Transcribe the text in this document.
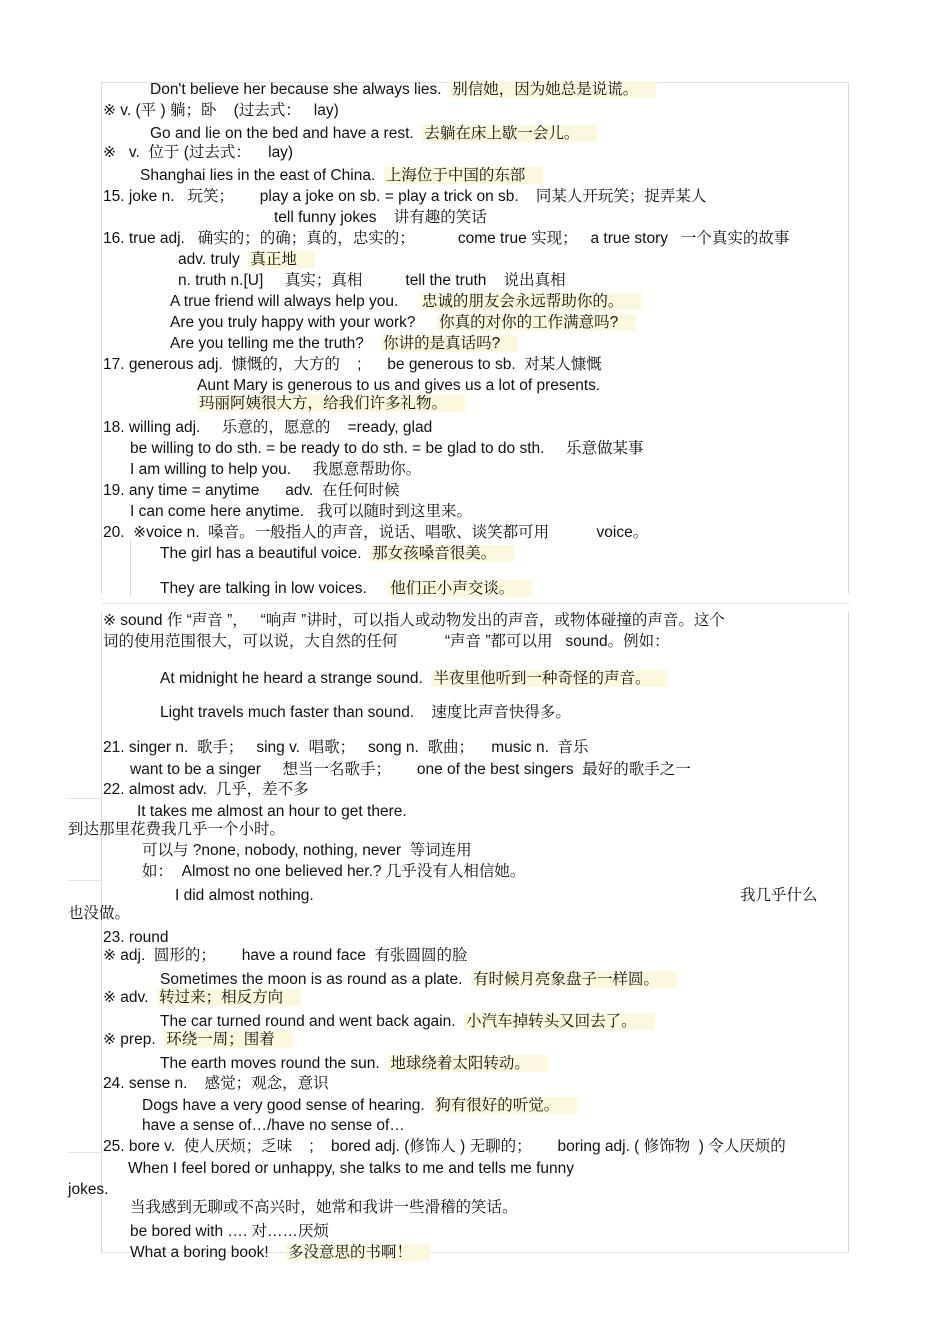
Don't believe her because she always lies.  别信她，因为她总是说谎。
※ v. (平 ) 躺；卧    (过去式：   lay)
Go and lie on the bed and have a rest.  去躺在床上歇一会儿。
※   v.  位于 (过去式：    lay)
Shanghai lies in the east of China.  上海位于中国的东部
15. joke n.   玩笑；      play a joke on sb. = play a trick on sb.    同某人开玩笑；捉弄某人
tell funny jokes    讲有趣的笑话
16. true adj.   确实的；的确；真的，忠实的；          come true 实现；   a true story   一个真实的故事
adv. truly  真正地
n. truth n.[U]     真实；真相          tell the truth    说出真相
A true friend will always help you.     忠诚的朋友会永远帮助你的。
Are you truly happy with your work?     你真的对你的工作满意吗?
Are you telling me the truth?    你讲的是真话吗?
17. generous adj.  慷慨的，大方的    ;      be generous to sb.  对某人慷慨
Aunt Mary is generous to us and gives us a lot of presents.
玛丽阿姨很大方，给我们许多礼物。
18. willing adj.     乐意的，愿意的    =ready, glad
be willing to do sth. = be ready to do sth. = be glad to do sth.     乐意做某事
I am willing to help you.     我愿意帮助你。
19. any time = anytime      adv.  在任何时候
I can come here anytime.   我可以随时到这里来。
20.  ※voice n.  嗓音。一般指人的声音，说话、唱歌、谈笑都可用           voice。
The girl has a beautiful voice.  那女孩嗓音很美。
They are talking in low voices.     他们正小声交谈。
※ sound 作 “声音 ”，   “响声 ”讲时，可以指人或动物发出的声音，或物体碰撞的声音。这个
词的使用范围很大，可以说，大自然的任何           “声音 ”都可以用   sound。例如：
At midnight he heard a strange sound.  半夜里他听到一种奇怪的声音。
Light travels much faster than sound.    速度比声音快得多。
21. singer n.  歌手；   sing v.  唱歌；   song n.  歌曲；    music n.  音乐
want to be a singer     想当一名歌手；      one of the best singers  最好的歌手之一
22. almost adv.  几乎，差不多
It takes me almost an hour to get there.
到达那里花费我几乎一个小时。
可以与 ?none, nobody, nothing, never  等词连用
如：  Almost no one believed her.? 几乎没有人相信她。
I did almost nothing.	我几乎什么
也没做。
23. round
※ adj.  圆形的；      have a round face  有张圆圆的脸
Sometimes the moon is as round as a plate.  有时候月亮象盘子一样圆。
※ adv.  转过来；相反方向
The car turned round and went back again.  小汽车掉转头又回去了。
※ prep.  环绕一周；围着
The earth moves round the sun.  地球绕着太阳转动。
24. sense n.    感觉；观念，意识
Dogs have a very good sense of hearing.  狗有很好的听觉。
have a sense of…/have no sense of…
25. bore v.  使人厌烦；乏味    ;    bored adj. (修饰人 ) 无聊的；      boring adj. ( 修饰物  ) 令人厌烦的
When I feel bored or unhappy, she talks to me and tells me funny
jokes.
当我感到无聊或不高兴时，她常和我讲一些滑稽的笑话。
be bored with …. 对……厌烦
What a boring book!    多没意思的书啊！
